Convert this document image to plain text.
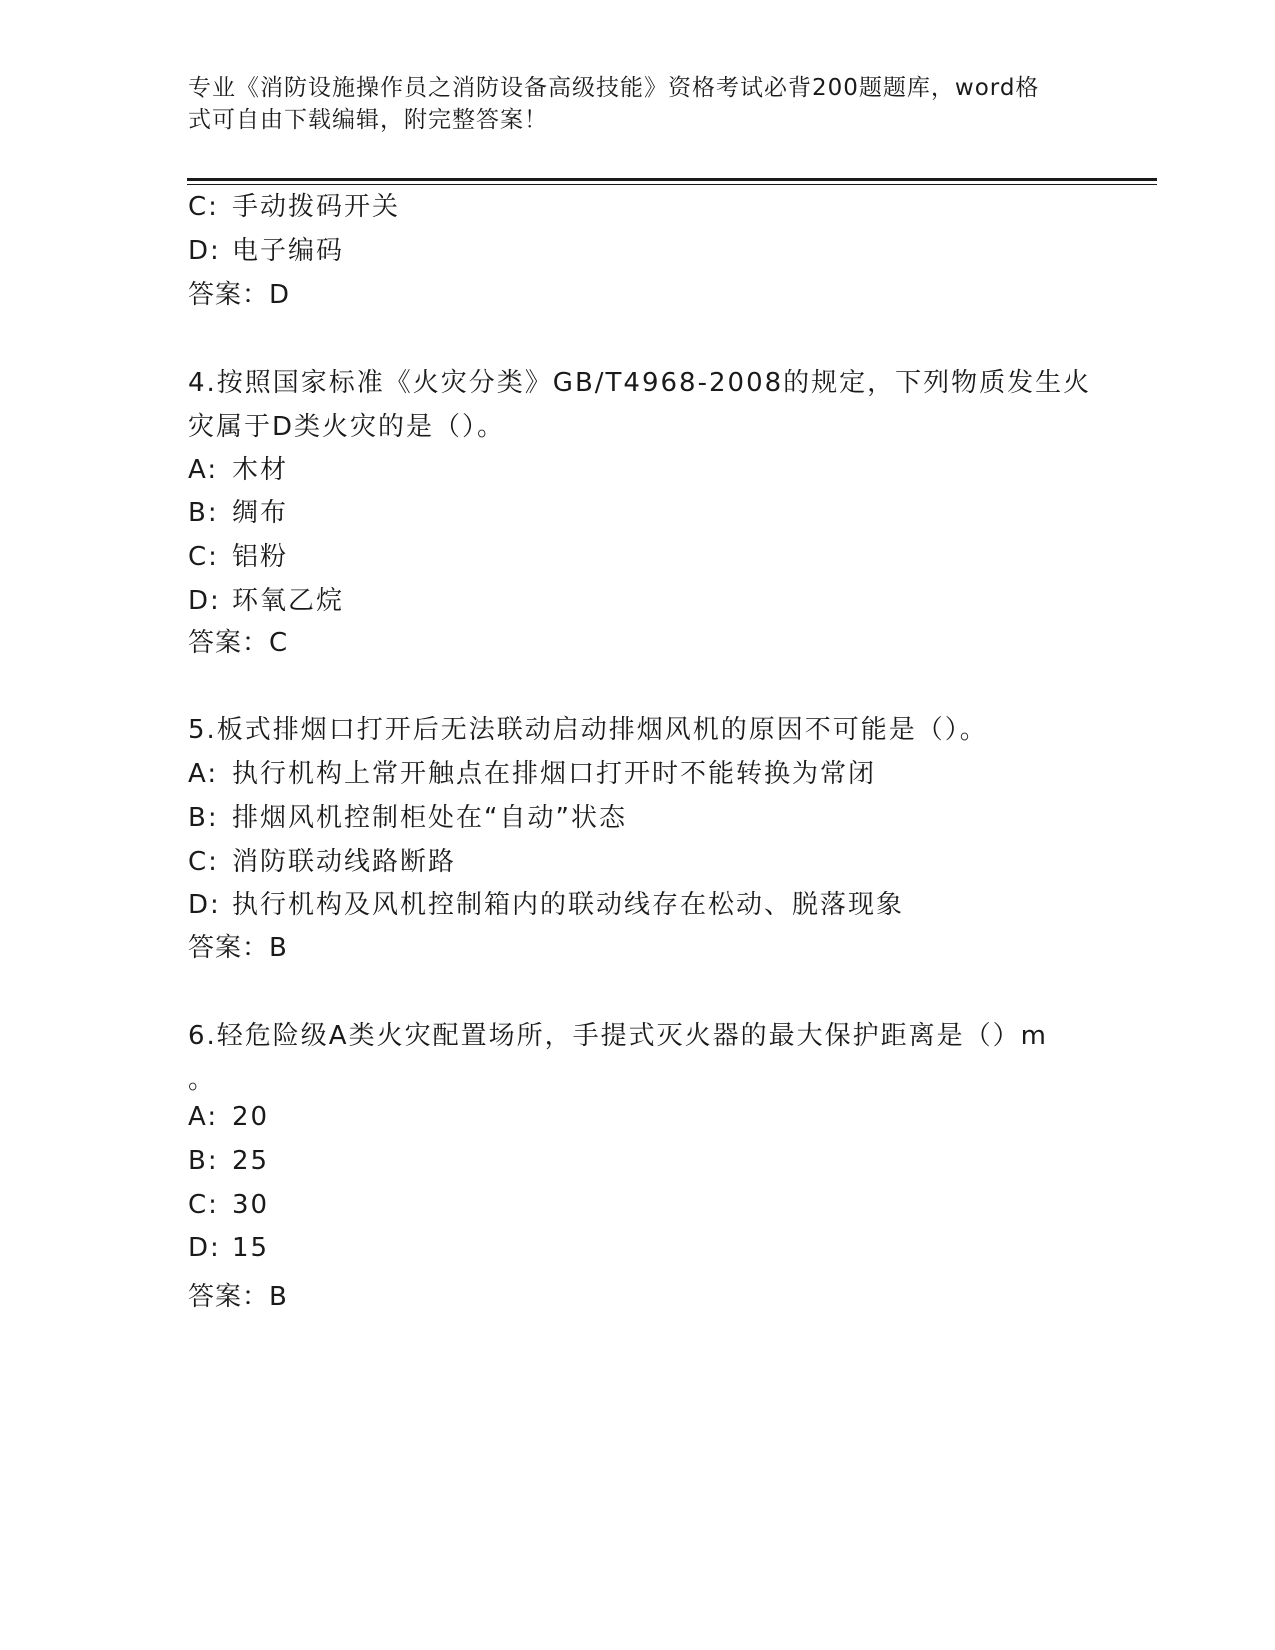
专业《消防设施操作员之消防设备高级技能》资格考试必背200题题库，word格
式可自由下载编辑，附完整答案！
C: 手动拨码开关
D: 电子编码
答案：D
4.按照国家标准《火灾分类》GB/T4968-2008的规定，下列物质发生火
灾属于D类火灾的是（）。
A: 木材
B: 绸布
C: 铝粉
D: 环氧乙烷
答案：C
5.板式排烟口打开后无法联动启动排烟风机的原因不可能是（）。
A: 执行机构上常开触点在排烟口打开时不能转换为常闭
B: 排烟风机控制柜处在“自动”状态
C: 消防联动线路断路
D: 执行机构及风机控制箱内的联动线存在松动、脱落现象
答案：B
6.轻危险级A类火灾配置场所，手提式灭火器的最大保护距离是（）m
。
A: 20
B: 25
C: 30
D: 15
答案：B
